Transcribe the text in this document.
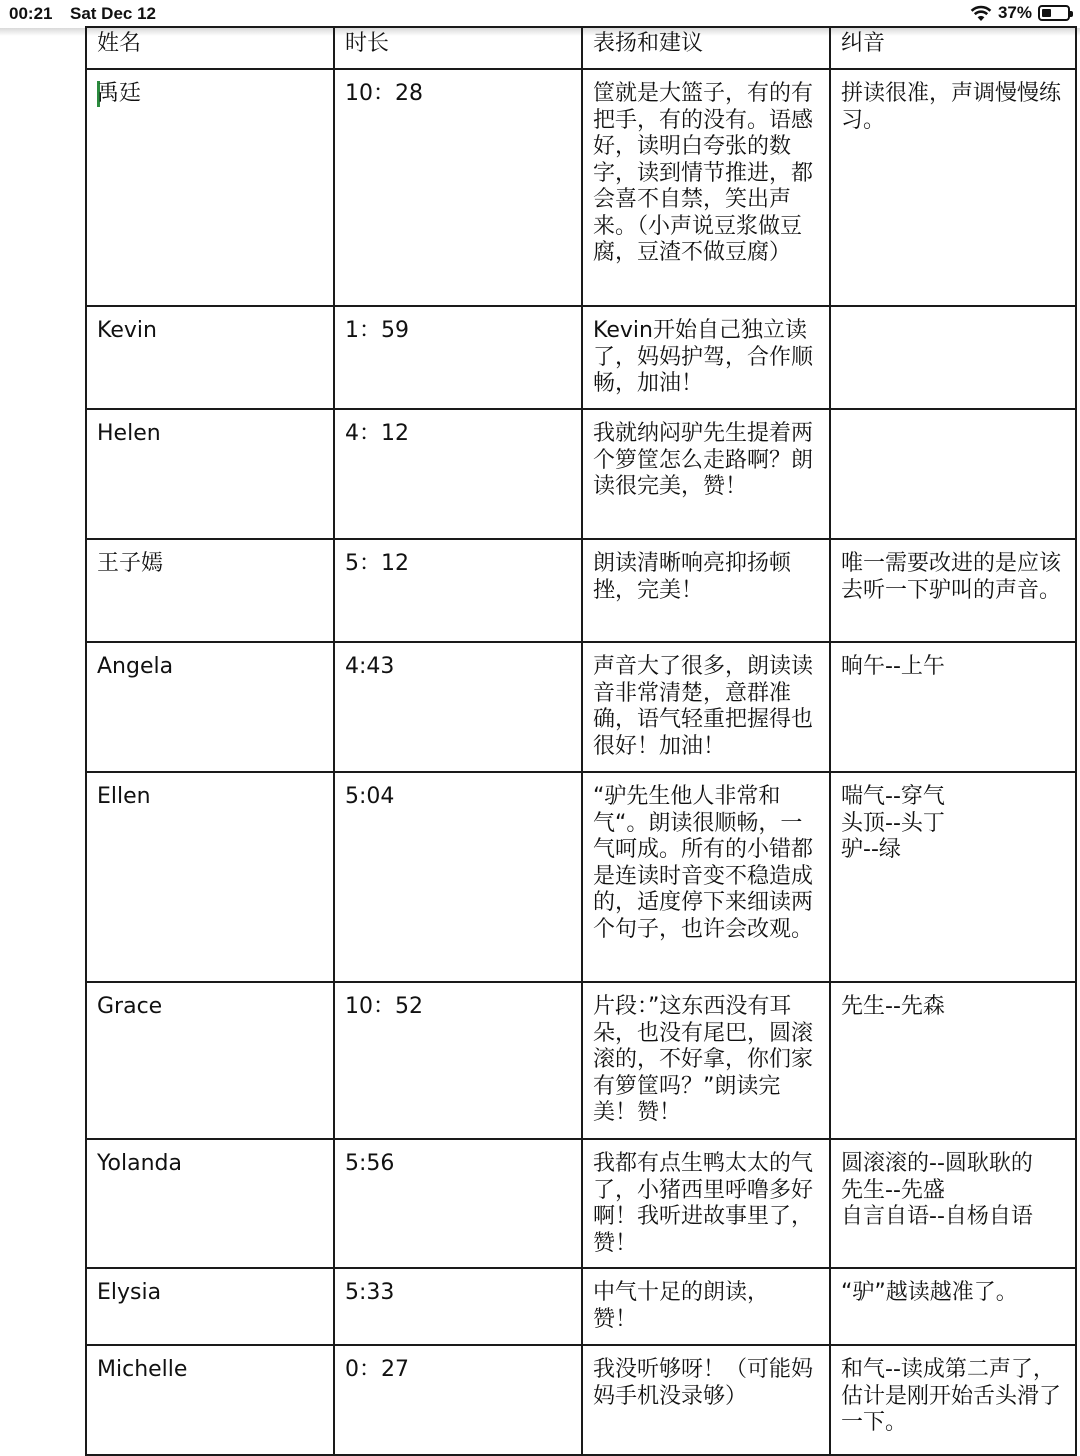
00:21 Sat Dec 12	37%
姓名	时长	表扬和建议	纠音
禹廷	10：28	筐就是大篮子，有的有把手，有的没有。语感好，读明白夸张的数字，读到情节推进，都会喜不自禁，笑出声来。（小声说豆浆做豆腐，豆渣不做豆腐）	拼读很准，声调慢慢练习。
Kevin	1：59	Kevin开始自己独立读了，妈妈护驾，合作顺畅，加油！	
Helen	4：12	我就纳闷驴先生提着两个箩筐怎么走路啊？朗读很完美，赞！	
王子嫣	5：12	朗读清晰响亮抑扬顿挫，完美！	唯一需要改进的是应该去听一下驴叫的声音。
Angela	4:43	声音大了很多，朗读读音非常清楚，意群准确，语气轻重把握得也很好！加油！	晌午--上午
Ellen	5:04	“驴先生他人非常和气“。朗读很顺畅，一气呵成。所有的小错都是连读时音变不稳造成的，适度停下来细读两个句子，也许会改观。	喘气--穿气
头顶--头丁
驴--绿
Grace	10：52	片段：”这东西没有耳朵，也没有尾巴，圆滚滚的，不好拿，你们家有箩筐吗？”朗读完美！赞！	先生--先森
Yolanda	5:56	我都有点生鸭太太的气了，小猪西里呼噜多好啊！我听进故事里了，赞！	圆滚滚的--圆耿耿的
先生--先盛
自言自语--自杨自语
Elysia	5:33	中气十足的朗读，
赞！	“驴”越读越准了。
Michelle	0：27	我没听够呀！（可能妈妈手机没录够）	和气--读成第二声了，估计是刚开始舌头滑了一下。
